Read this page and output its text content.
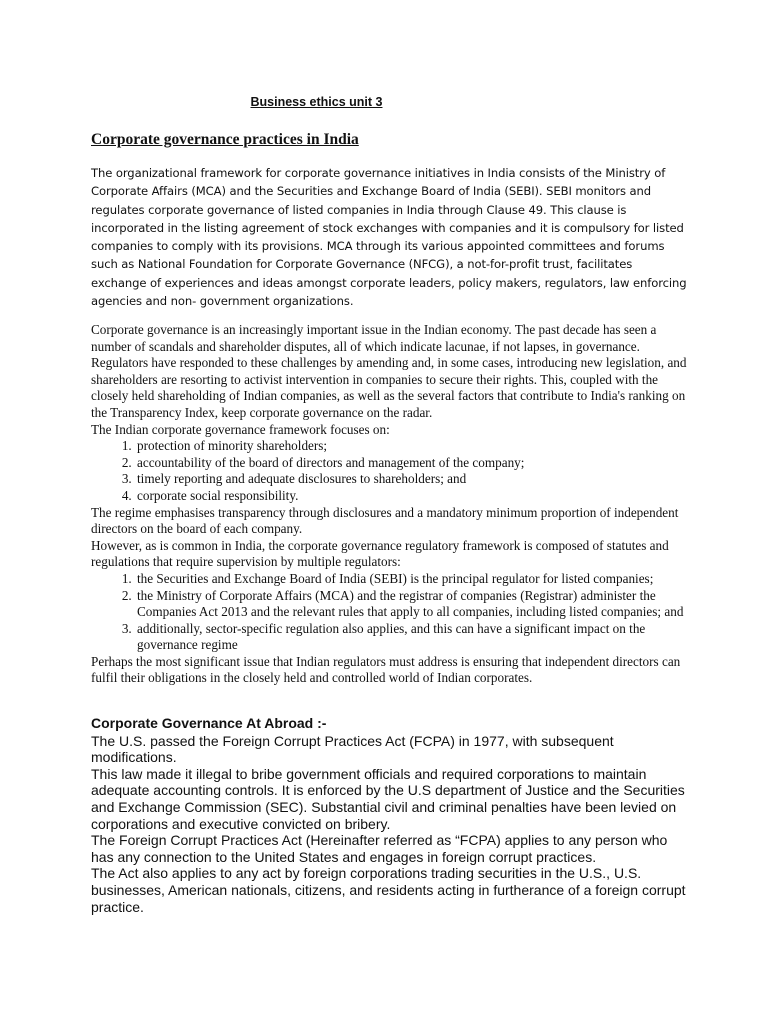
Business ethics unit 3
Corporate governance practices in India

The organizational framework for corporate governance initiatives in India consists of the Ministry of Corporate Affairs (MCA) and the Securities and Exchange Board of India (SEBI). SEBI monitors and regulates corporate governance of listed companies in India through Clause 49. This clause is incorporated in the listing agreement of stock exchanges with companies and it is compulsory for listed companies to comply with its provisions. MCA through its various appointed committees and forums such as National Foundation for Corporate Governance (NFCG), a not-for-profit trust, facilitates exchange of experiences and ideas amongst corporate leaders, policy makers, regulators, law enforcing agencies and non- government organizations.

Corporate governance is an increasingly important issue in the Indian economy. The past decade has seen a number of scandals and shareholder disputes, all of which indicate lacunae, if not lapses, in governance. Regulators have responded to these challenges by amending and, in some cases, introducing new legislation, and shareholders are resorting to activist intervention in companies to secure their rights. This, coupled with the closely held shareholding of Indian companies, as well as the several factors that contribute to India's ranking on the Transparency Index, keep corporate governance on the radar.

The Indian corporate governance framework focuses on:

1. protection of minority shareholders;
2. accountability of the board of directors and management of the company;
3. timely reporting and adequate disclosures to shareholders; and
4. corporate social responsibility.

The regime emphasises transparency through disclosures and a mandatory minimum proportion of independent directors on the board of each company.

However, as is common in India, the corporate governance regulatory framework is composed of statutes and regulations that require supervision by multiple regulators:

1. the Securities and Exchange Board of India (SEBI) is the principal regulator for listed companies;
2. the Ministry of Corporate Affairs (MCA) and the registrar of companies (Registrar) administer the Companies Act 2013 and the relevant rules that apply to all companies, including listed companies; and
3. additionally, sector-specific regulation also applies, and this can have a significant impact on the governance regime

Perhaps the most significant issue that Indian regulators must address is ensuring that independent directors can fulfil their obligations in the closely held and controlled world of Indian corporates.

Corporate Governance At Abroad :-

The U.S. passed the Foreign Corrupt Practices Act (FCPA) in 1977, with subsequent modifications.

This law made it illegal to bribe government officials and required corporations to maintain adequate accounting controls. It is enforced by the U.S department of Justice and the Securities and Exchange Commission (SEC). Substantial civil and criminal penalties have been levied on corporations and executive convicted on bribery.

The Foreign Corrupt Practices Act (Hereinafter referred as “FCPA) applies to any person who has any connection to the United States and engages in foreign corrupt practices.

The Act also applies to any act by foreign corporations trading securities in the U.S., U.S. businesses, American nationals, citizens, and residents acting in furtherance of a foreign corrupt practice.
